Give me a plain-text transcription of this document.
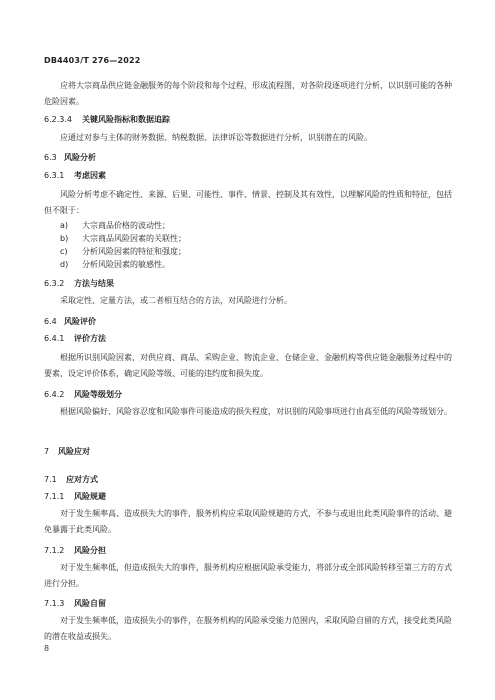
DB4403/T 276—2022
应将大宗商品供应链金融服务的每个阶段和每个过程，形成流程图，对各阶段逐项进行分析，以识别可能的各种危险因素。
6.2.3.4 关键风险指标和数据追踪
应通过对参与主体的财务数据、纳税数据、法律诉讼等数据进行分析，识别潜在的风险。
6.3 风险分析
6.3.1 考虑因素
风险分析考虑不确定性、来源、后果、可能性、事件、情景、控制及其有效性，以理解风险的性质和特征，包括但不限于：
a) 大宗商品价格的波动性；
b) 大宗商品风险因素的关联性；
c) 分析风险因素的特征和强度；
d) 分析风险因素的敏感性。
6.3.2 方法与结果
采取定性、定量方法，或二者相互结合的方法，对风险进行分析。
6.4 风险评价
6.4.1 评价方法
根据所识别风险因素，对供应商、商品、采购企业、物流企业、仓储企业、金融机构等供应链金融服务过程中的要素，设定评价体系，确定风险等级、可能的违约度和损失度。
6.4.2 风险等级划分
根据风险偏好、风险容忍度和风险事件可能造成的损失程度，对识别的风险事项进行由高至低的风险等级划分。
7 风险应对
7.1 应对方式
7.1.1 风险规避
对于发生频率高、造成损失大的事件，服务机构应采取风险规避的方式，不参与或退出此类风险事件的活动、避免暴露于此类风险。
7.1.2 风险分担
对于发生频率低，但造成损失大的事件，服务机构应根据风险承受能力，将部分或全部风险转移至第三方的方式进行分担。
7.1.3 风险自留
对于发生频率低，造成损失小的事件，在服务机构的风险承受能力范围内，采取风险自留的方式，接受此类风险的潜在收益或损失。
8
